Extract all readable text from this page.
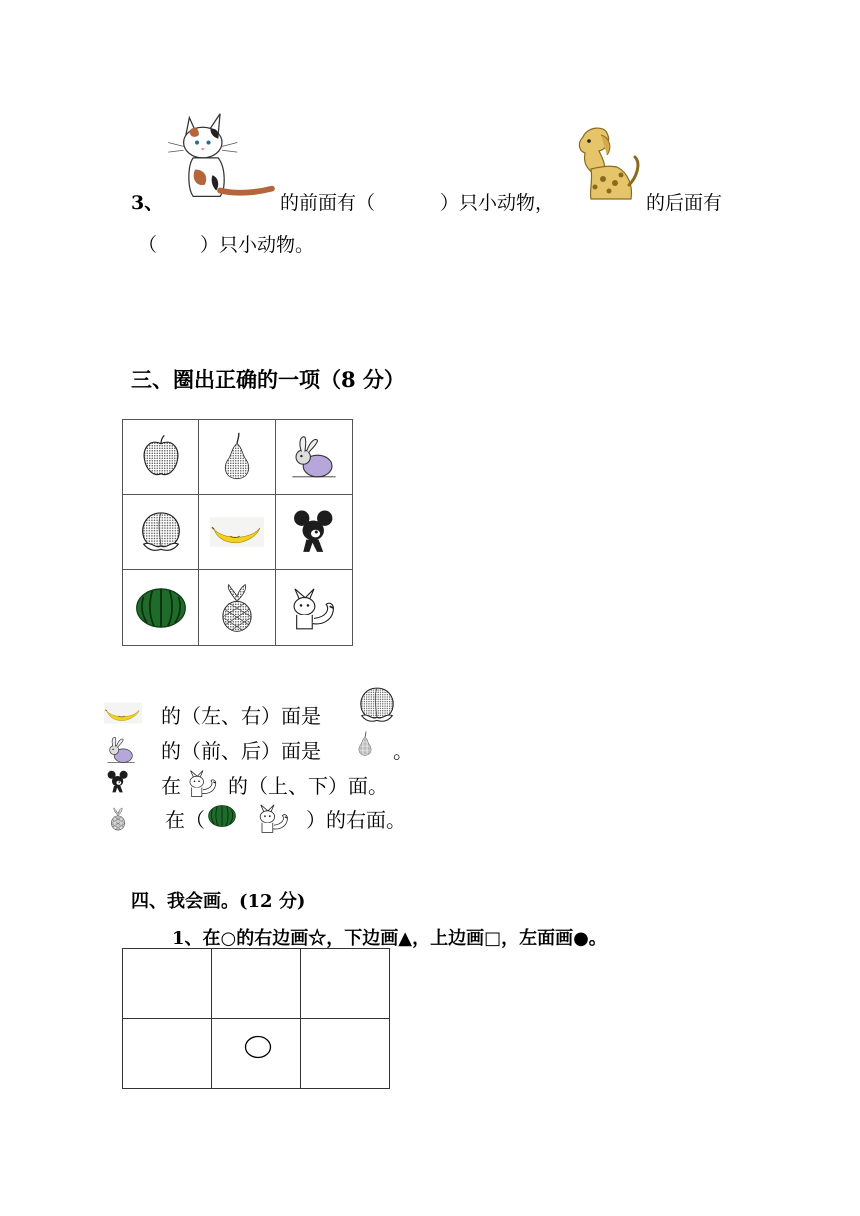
3、	的前面有（	）只小动物，	的后面有
（ ）只小动物。
三、圈出正确的一项（8 分）
的（左、右）面是
的（前、后）面是	。
在 的（上、下）面。
在（	）的右面。
四、我会画。(12 分)
1、在○的右边画☆，下边画▲，上边画□，左面画●。
